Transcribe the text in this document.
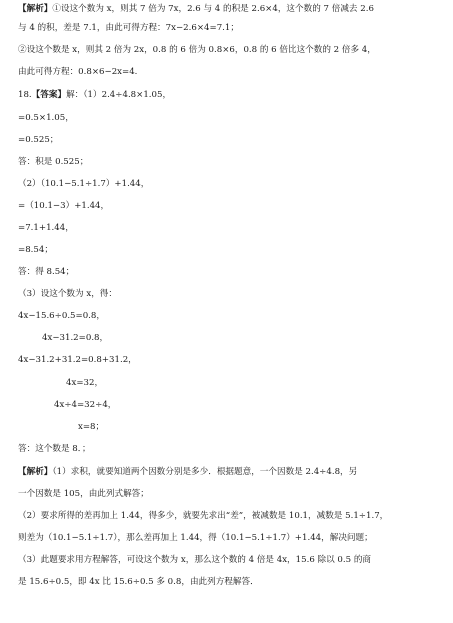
【解析】①设这个数为 x，则其 7 倍为 7x，2.6 与 4 的积是 2.6×4，这个数的 7 倍减去 2.6
与 4 的积，差是 7.1，由此可得方程：7x−2.6×4=7.1；
②设这个数是 x，则其 2 倍为 2x，0.8 的 6 倍为 0.8×6，0.8 的 6 倍比这个数的 2 倍多 4，
由此可得方程：0.8×6−2x=4.
18.【答案】解：（1）2.4÷4.8×1.05，
=0.5×1.05，
=0.525；
答：积是 0.525；
（2）（10.1−5.1÷1.7）+1.44，
=（10.1−3）+1.44，
=7.1+1.44，
=8.54；
答：得 8.54；
（3）设这个数为 x，得：
4x−15.6÷0.5=0.8，
4x−31.2=0.8，
4x−31.2+31.2=0.8+31.2，
4x=32，
4x÷4=32÷4，
x=8；
答：这个数是 8．；
【解析】（1）求积，就要知道两个因数分别是多少．根据题意，一个因数是 2.4÷4.8，另
一个因数是 105，由此列式解答；
（2）要求所得的差再加上 1.44，得多少，就要先求出“差”，被减数是 10.1，减数是 5.1÷1.7，
则差为（10.1−5.1÷1.7），那么差再加上 1.44，得（10.1−5.1÷1.7）+1.44，解决问题；
（3）此题要求用方程解答，可设这个数为 x，那么这个数的 4 倍是 4x，15.6 除以 0.5 的商
是 15.6÷0.5，即 4x 比 15.6÷0.5 多 0.8，由此列方程解答．
